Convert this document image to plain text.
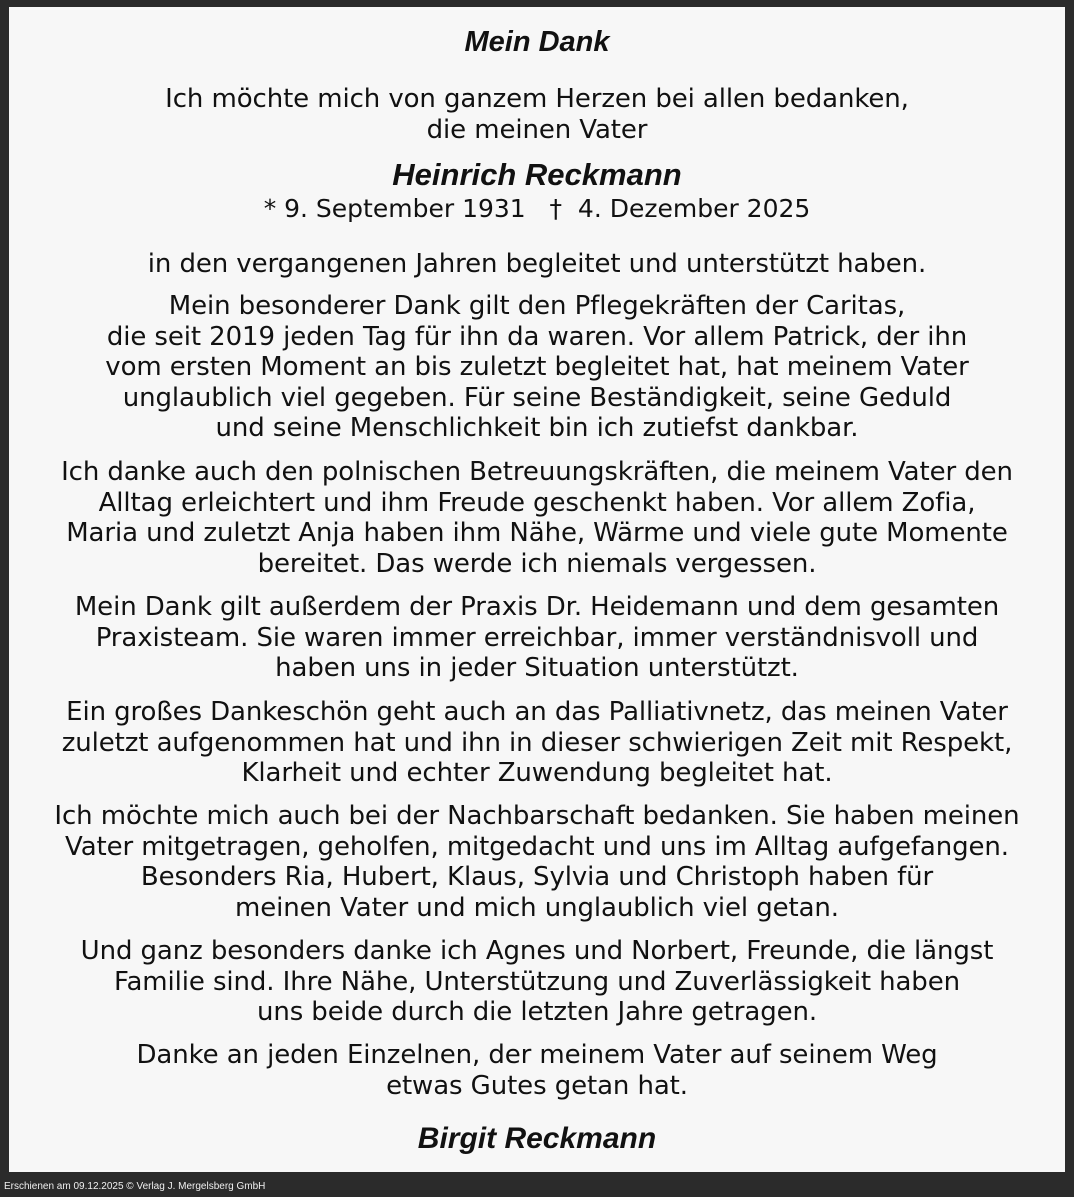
Mein Dank
Ich möchte mich von ganzem Herzen bei allen bedanken,
die meinen Vater
Heinrich Reckmann
* 9. September 1931   †  4. Dezember 2025
in den vergangenen Jahren begleitet und unterstützt haben.
Mein besonderer Dank gilt den Pflegekräften der Caritas,
die seit 2019 jeden Tag für ihn da waren. Vor allem Patrick, der ihn
vom ersten Moment an bis zuletzt begleitet hat, hat meinem Vater
unglaublich viel gegeben. Für seine Beständigkeit, seine Geduld
und seine Menschlichkeit bin ich zutiefst dankbar.
Ich danke auch den polnischen Betreuungskräften, die meinem Vater den
Alltag erleichtert und ihm Freude geschenkt haben. Vor allem Zofia,
Maria und zuletzt Anja haben ihm Nähe, Wärme und viele gute Momente
bereitet. Das werde ich niemals vergessen.
Mein Dank gilt außerdem der Praxis Dr. Heidemann und dem gesamten
Praxisteam. Sie waren immer erreichbar, immer verständnisvoll und
haben uns in jeder Situation unterstützt.
Ein großes Dankeschön geht auch an das Palliativnetz, das meinen Vater
zuletzt aufgenommen hat und ihn in dieser schwierigen Zeit mit Respekt,
Klarheit und echter Zuwendung begleitet hat.
Ich möchte mich auch bei der Nachbarschaft bedanken. Sie haben meinen
Vater mitgetragen, geholfen, mitgedacht und uns im Alltag aufgefangen.
Besonders Ria, Hubert, Klaus, Sylvia und Christoph haben für
meinen Vater und mich unglaublich viel getan.
Und ganz besonders danke ich Agnes und Norbert, Freunde, die längst
Familie sind. Ihre Nähe, Unterstützung und Zuverlässigkeit haben
uns beide durch die letzten Jahre getragen.
Danke an jeden Einzelnen, der meinem Vater auf seinem Weg
etwas Gutes getan hat.
Birgit Reckmann
Erschienen am 09.12.2025 © Verlag J. Mergelsberg GmbH
